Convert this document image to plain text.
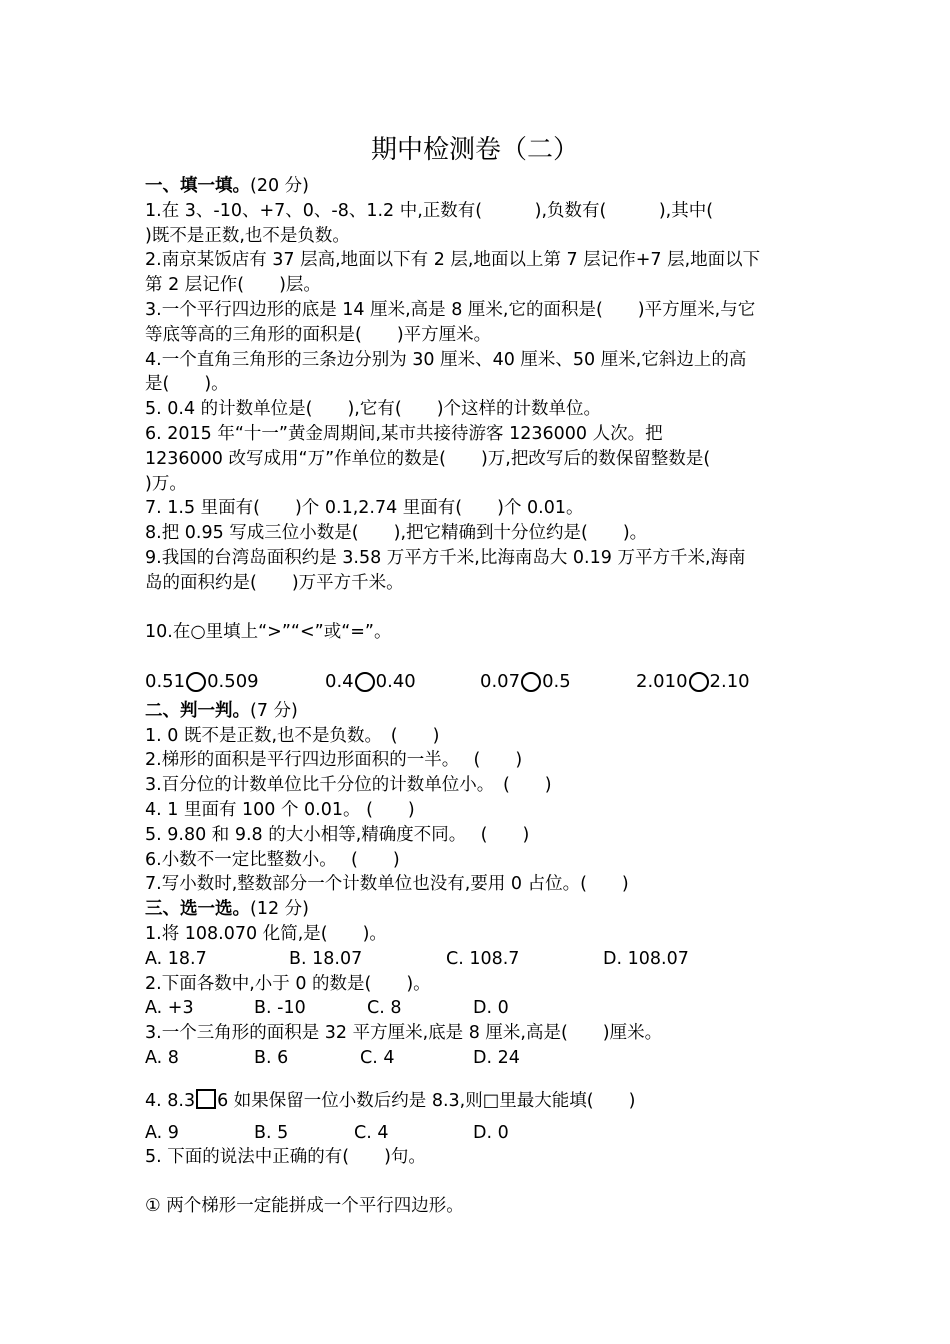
期中检测卷（二）
一、填一填。(20 分)
1.在 3、-10、+7、0、-8、1.2 中,正数有(　　　),负数有(　　　),其中(
)既不是正数,也不是负数。
2.南京某饭店有 37 层高,地面以下有 2 层,地面以上第 7 层记作+7 层,地面以下
第 2 层记作(　　)层。
3.一个平行四边形的底是 14 厘米,高是 8 厘米,它的面积是(　　)平方厘米,与它
等底等高的三角形的面积是(　　)平方厘米。
4.一个直角三角形的三条边分别为 30 厘米、40 厘米、50 厘米,它斜边上的高
是(　　)。
5. 0.4 的计数单位是(　　),它有(　　)个这样的计数单位。
6. 2015 年“十一”黄金周期间,某市共接待游客 1236000 人次。把
1236000 改写成用“万”作单位的数是(　　)万,把改写后的数保留整数是(
)万。
7. 1.5 里面有(　　)个 0.1,2.74 里面有(　　)个 0.01。
8.把 0.95 写成三位小数是(　　),把它精确到十分位约是(　　)。
9.我国的台湾岛面积约是 3.58 万平方千米,比海南岛大 0.19 万平方千米,海南
岛的面积约是(　　)万平方千米。
10.在○里填上“>”“<”或“=”。
0.51 0.509	0.4 0.40	0.07 0.5	2.010 2.10
二、判一判。(7 分)
1. 0 既不是正数,也不是负数。　(　　)
2.梯形的面积是平行四边形面积的一半。　 (　　)
3.百分位的计数单位比千分位的计数单位小。　(　　)
4. 1 里面有 100 个 0.01。 (　　)
5. 9.80 和 9.8 的大小相等,精确度不同。　 (　　)
6.小数不一定比整数小。　 (　　)
7.写小数时,整数部分一个计数单位也没有,要用 0 占位。(　　)
三、选一选。(12 分)
1.将 108.070 化简,是(　　)。
A. 18.7	B. 18.07	C. 108.7	D. 108.07
2.下面各数中,小于 0 的数是(　　)。
A. +3	B. -10	C. 8	D. 0
3.一个三角形的面积是 32 平方厘米,底是 8 厘米,高是(　　)厘米。
A. 8	B. 6	C. 4	D. 24
4. 8.3 6 如果保留一位小数后约是 8.3,则□里最大能填(　　)
A. 9	B. 5	C. 4	D. 0
5. 下面的说法中正确的有(　　)句。
① 两个梯形一定能拼成一个平行四边形。
